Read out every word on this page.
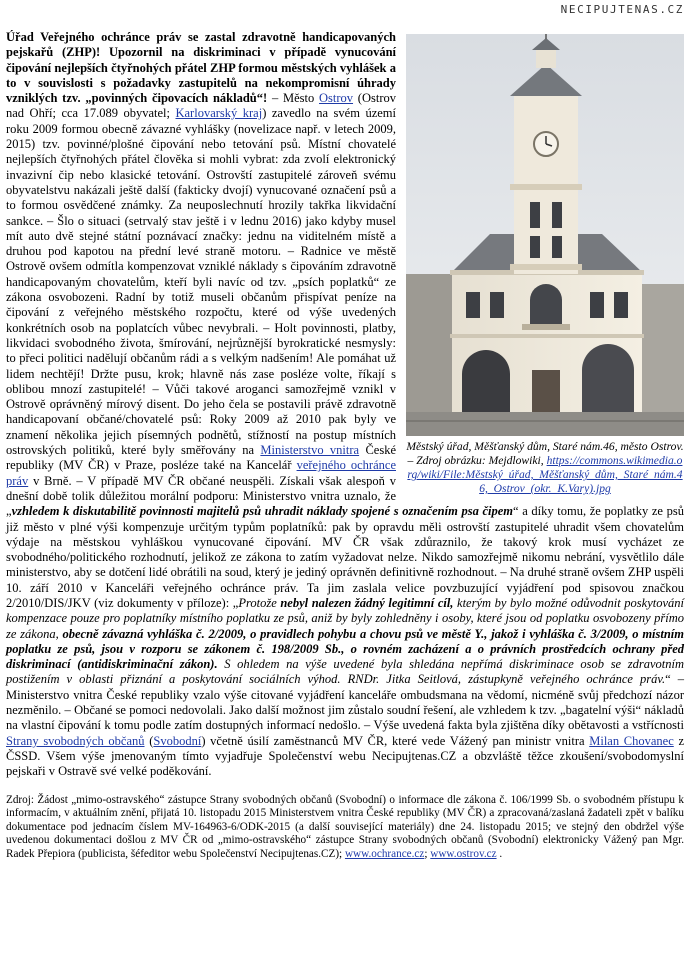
NECIPUJTENAS.CZ
Městský úřad, Měšťanský dům, Staré nám.46, město Ostrov. – Zdroj obrázku: Mejdlowiki, https://commons.wikimedia.org/wiki/File:Městský_úřad,_Měšťanský_dům,_Staré_nám.46,_Ostrov_(okr._K.Vary).jpg

Úřad Veřejného ochránce práv se zastal zdravotně handicapovaných pejskařů (ZHP)! Upozornil na diskriminaci v případě vynucování čipování nejlepších čtyřnohých přátel ZHP formou městských vyhlášek a to v souvislosti s požadavky zastupitelů na nekompromisní úhrady vzniklých tzv. „povinných čipovacích nákladů“! – Město Ostrov (Ostrov nad Ohří; cca 17.089 obyvatel; Karlovarský kraj) zavedlo na svém území roku 2009 formou obecně závazné vyhlášky (novelizace např. v letech 2009, 2015) tzv. povinné/plošné čipování nebo tetování psů. Místní chovatelé nejlepších čtyřnohých přátel člověka si mohli vybrat: zda zvolí elektronický invazivní čip nebo klasické tetování. Ostrovští zastupitelé zároveň svému obyvatelstvu nakázali ještě další (fakticky dvojí) vynucované označení psů a to formou osvědčené známky. Za neuposlechnutí hrozily takřka likvidační sankce. – Šlo o situaci (setrvalý stav ještě i v lednu 2016) jako kdyby musel mít auto dvě stejné státní poznávací značky: jednu na viditelném místě a druhou pod kapotou na přední levé straně motoru. – Radnice ve městě Ostrově ovšem odmítla kompenzovat vzniklé náklady s čipováním zdravotně handicapovaným chovatelům, kteří byli navíc od tzv. „psích poplatků“ ze zákona osvobozeni. Radní by totiž museli občanům přispívat peníze na čipování z veřejného městského rozpočtu, které od výše uvedených konkrétních osob na poplatcích vůbec nevybrali. – Holt povinnosti, platby, likvidaci svobodného života, šmírování, nejrůznější byrokratické nesmysly: to přeci politici nadělují občanům rádi a s velkým nadšením! Ale pomáhat už lidem nechtějí! Držte pusu, krok; hlavně nás zase posléze volte, říkají s oblibou mnozí zastupitelé! – Vůči takové aroganci samozřejmě vznikl v Ostrově oprávněný mírový disent. Do jeho čela se postavili právě zdravotně handicapovaní občané/chovatelé psů: Roky 2009 až 2010 pak byly ve znamení několika jejich písemných podnětů, stížností na postup místních ostrovských politiků, které byly směřovány na Ministerstvo vnitra České republiky (MV ČR) v Praze, posléze také na Kancelář veřejného ochránce práv v Brně. – V případě MV ČR občané neuspěli. Získali však alespoň v dnešní době tolik důležitou morální podporu: Ministerstvo vnitra uznalo, že „vzhledem k diskutabilitě povinnosti majitelů psů uhradit náklady spojené s označením psa čipem“ a díky tomu, že poplatky ze psů již město v plné výši kompenzuje určitým typům poplatníků: pak by opravdu měli ostrovští zastupitelé uhradit všem chovatelům výdaje na městskou vyhláškou vynucované čipování. MV ČR však zdůraznilo, že takový krok musí vycházet ze svobodného/politického rozhodnutí, jelikož ze zákona to zatím vyžadovat nelze. Nikdo samozřejmě nikomu nebrání, vysvětlilo dále ministerstvo, aby se dotčení lidé obrátili na soud, který je jediný oprávněn definitivně rozhodnout. – Na druhé straně ovšem ZHP uspěli 10. září 2010 v Kanceláři veřejného ochránce práv. Ta jim zaslala velice povzbuzující vyjádření pod spisovou značkou 2/2010/DIS/JKV (viz dokumenty v příloze): „Protože nebyl nalezen žádný legitimní cíl, kterým by bylo možné odůvodnit poskytování kompenzace pouze pro poplatníky místního poplatku ze psů, aniž by byly zohledněny i osoby, které jsou od poplatku osvobozeny přímo ze zákona, obecně závazná vyhláška č. 2/2009, o pravidlech pohybu a chovu psů ve městě Y., jakož i vyhláška č. 3/2009, o místním poplatku ze psů, jsou v rozporu se zákonem č. 198/2009 Sb., o rovném zacházení a o právních prostředcích ochrany před diskriminací (antidiskriminační zákon). S ohledem na výše uvedené byla shledána nepřímá diskriminace osob se zdravotním postižením v oblasti přiznání a poskytování sociálních výhod. RNDr. Jitka Seitlová, zástupkyně veřejného ochránce práv.“ – Ministerstvo vnitra České republiky vzalo výše citované vyjádření kanceláře ombudsmana na vědomí, nicméně svůj předchozí názor nezměnilo. – Občané se pomoci nedovolali. Jako další možnost jim zůstalo soudní řešení, ale vzhledem k tzv. „bagatelní výši“ nákladů na vlastní čipování k tomu podle zatím dostupných informací nedošlo. – Výše uvedená fakta byla zjištěna díky obětavosti a vstřícnosti Strany svobodných občanů (Svobodní) včetně úsilí zaměstnanců MV ČR, které vede Vážený pan ministr vnitra Milan Chovanec z ČSSD. Všem výše jmenovaným tímto vyjadřuje Společenství webu Necipujtenas.CZ a obzvláště těžce zkoušení/svobodomyslní pejskaři v Ostravě své velké poděkování.

Zdroj: Žádost „mimo-ostravského“ zástupce Strany svobodných občanů (Svobodní) o informace dle zákona č. 106/1999 Sb. o svobodném přístupu k informacím, v aktuálním znění, přijatá 10. listopadu 2015 Ministerstvem vnitra České republiky (MV ČR) a zpracovaná/zaslaná žadateli zpět v balíku dokumentace pod jednacím číslem MV-164963-6/ODK-2015 (a další související materiály) dne 24. listopadu 2015; ve stejný den obdržel výše uvedenou dokumentaci došlou z MV ČR od „mimo-ostravského“ zástupce Strany svobodných občanů (Svobodní) elektronicky Vážený pan Mgr. Radek Přepiora (publicista, šéfeditor webu Společenství Necipujtenas.CZ); www.ochrance.cz; www.ostrov.cz .
